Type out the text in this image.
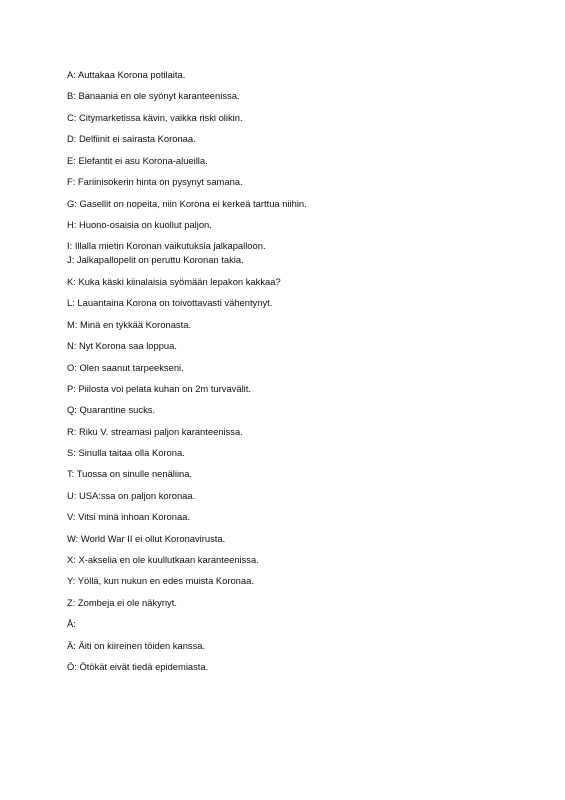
A: Auttakaa Korona potilaita.
B: Banaania en ole syönyt karanteenissa.
C: Citymarketissa kävin, vaikka riski olikin.
D: Delfiinit ei sairasta Koronaa.
E: Elefantit ei asu Korona-alueilla.
F: Fariinisokerin hinta on pysynyt samana.
G: Gasellit on nopeita, niin Korona ei kerkeä tarttua niihin.
H: Huono-osaisia on kuollut paljon.
I: Illalla mietin Koronan vaikutuksia jalkapalloon.
J: Jalkapallopelit on peruttu Koronan takia.
K: Kuka käski kiinalaisia syömään lepakon kakkaa?
L: Lauantaina Korona on toivottavasti vähentynyt.
M: Minä en tykkää Koronasta.
N: Nyt Korona saa loppua.
O: Olen saanut tarpeekseni.
P: Piilosta voi pelata kuhan on 2m turvavälit.
Q: Quarantine sucks.
R: Riku V. streamasi paljon karanteenissa.
S: Sinulla taitaa olla Korona.
T: Tuossa on sinulle nenäliina.
U: USA:ssa on paljon koronaa.
V: Vitsi minä inhoan Koronaa.
W: World War II ei ollut Koronavirusta.
X: X-akselia en ole kuullutkaan karanteenissa.
Y: Yöllä, kun nukun en edes muista Koronaa.
Z: Zombeja ei ole näkynyt.
Å:
Ä: Äiti on kiireinen töiden kanssa.
Ö: Ötökät eivät tiedä epidemiasta.
